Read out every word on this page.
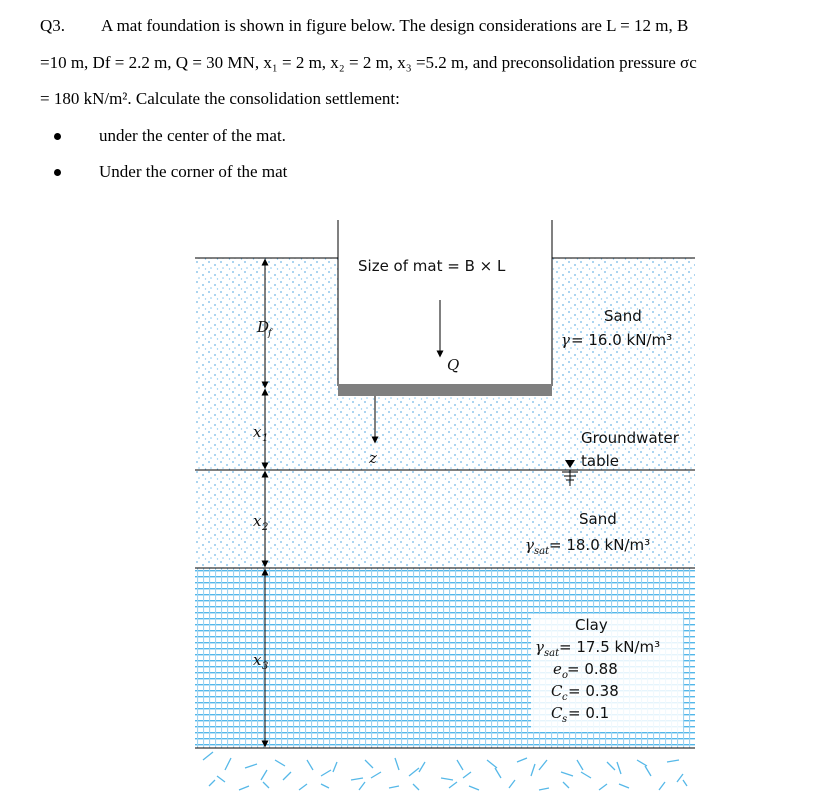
Q3. A mat foundation is shown in figure below. The design considerations are L = 12 m, B

=10 m, Df = 2.2 m, Q = 30 MN, x₁ = 2 m, x₂ = 2 m, x₃ =5.2 m, and preconsolidation pressure σc

= 180 kN/m². Calculate the consolidation settlement:

under the center of the mat.
Under the corner of the mat
Size of mat = B × L
Q
z
D
f
x 1
x 2
x 3
Sand
γ = 16.0 kN/m³
Groundwater
table
Sand
γ sat = 18.0 kN/m³
Clay
γ sat = 17.5 kN/m³
e o
= 0.88
C c = 0.38
C s = 0.1
